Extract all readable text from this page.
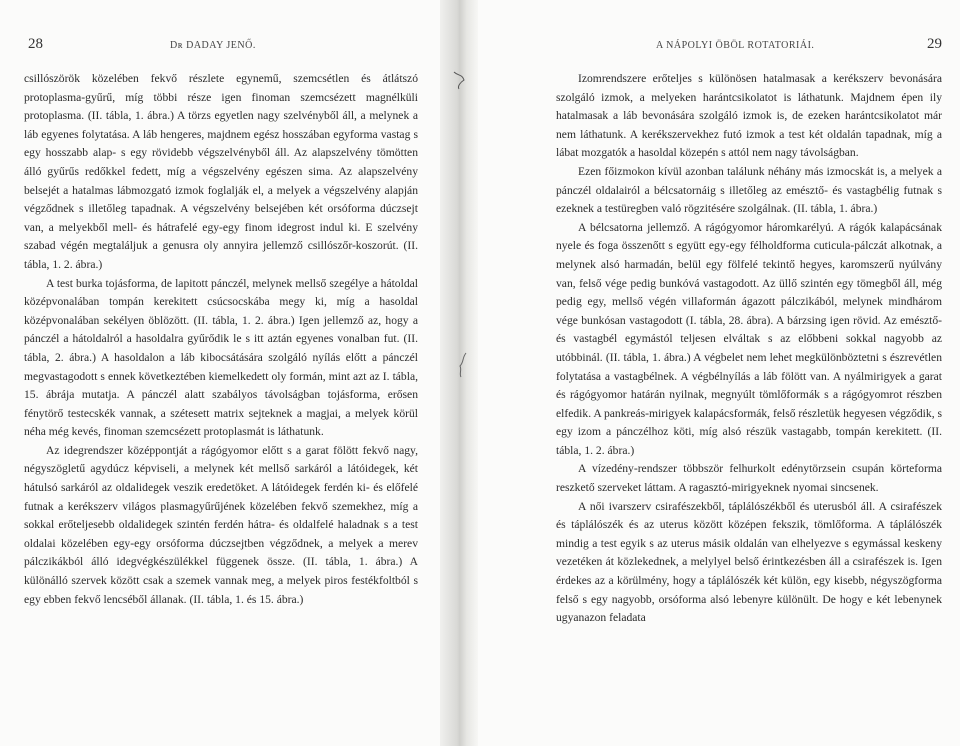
28	Dʀ DADAY JENŐ.

csillószörök közelében fekvő részlete egynemű, szemcsétlen és átlátszó protoplasma-gyűrű, míg többi része igen finoman szemcsézett magnélküli protoplasma. (II. tábla, 1. ábra.) A törzs egyetlen nagy szelvényből áll, a melynek a láb egyenes folytatása. A láb hengeres, majdnem egész hosszában egyforma vastag s egy hosszabb alap- s egy rövidebb végszelvényből áll. Az alapszelvény tömötten álló gyűrűs redőkkel fedett, míg a végszelvény egészen sima. Az alapszelvény belsejét a hatalmas lábmozgató izmok foglalják el, a melyek a végszelvény alapján végződnek s illetőleg tapadnak. A végszelvény belsejében két orsóforma dúczsejt van, a melyekből mell- és hátrafelé egy-egy finom idegrost indul ki. E szelvény szabad végén megtaláljuk a genusra oly annyira jellemző csillószőr-koszorút. (II. tábla, 1. 2. ábra.)

A test burka tojásforma, de lapitott pánczél, melynek mellső szegélye a hátoldal középvonalában tompán kerekitett csúcsocskába megy ki, míg a hasoldal középvonalában sekélyen öblözött. (II. tábla, 1. 2. ábra.) Igen jellemző az, hogy a pánczél a hátoldalról a hasoldalra gyűrődik le s itt aztán egyenes vonalban fut. (II. tábla, 2. ábra.) A hasoldalon a láb kibocsátására szolgáló nyílás előtt a pánczél megvastagodott s ennek következtében kiemelkedett oly formán, mint azt az I. tábla, 15. ábrája mutatja. A pánczél alatt szabályos távolságban tojásforma, erősen fénytörő testecskék vannak, a szétesett matrix sejteknek a magjai, a melyek körül néha még kevés, finoman szemcsézett protoplasmát is láthatunk.

Az idegrendszer középpontját a rágógyomor előtt s a garat fölött fekvő nagy, négyszögletű agydúcz képviseli, a melynek két mellső sarkáról a látóidegek, két hátulsó sarkáról az oldalidegek veszik eredetöket. A látóidegek ferdén ki- és előfelé futnak a kerékszerv világos plasmagyűrűjének közelében fekvő szemekhez, míg a sokkal erőteljesebb oldalidegek szintén ferdén hátra- és oldalfelé haladnak s a test oldalai közelében egy-egy orsóforma dúczsejtben végződnek, a melyek a merev pálczikákból álló idegvégkészülékkel függenek össze. (II. tábla, 1. ábra.) A különálló szervek között csak a szemek vannak meg, a melyek piros festékfoltból s egy ebben fekvő lencséből állanak. (II. tábla, 1. és 15. ábra.)

A NÁPOLYI ÖBÖL ROTATORIÁI.	29

Izomrendszere erőteljes s különösen hatalmasak a kerékszerv bevonására szolgáló izmok, a melyeken harántcsikolatot is láthatunk. Majdnem épen ily hatalmasak a láb bevonására szolgáló izmok is, de ezeken harántcsikolatot már nem láthatunk. A kerékszervekhez futó izmok a test két oldalán tapadnak, míg a lábat mozgatók a hasoldal közepén s attól nem nagy távolságban.

Ezen főizmokon kívül azonban találunk néhány más izmocskát is, a melyek a pánczél oldalairól a bélcsatornáig s illetőleg az emésztő- és vastagbélig futnak s ezeknek a testüregben való rögzitésére szolgálnak. (II. tábla, 1. ábra.)

A bélcsatorna jellemző. A rágógyomor háromkarélyú. A rágók kalapácsának nyele és foga összenőtt s együtt egy-egy félholdforma cuticula-pálczát alkotnak, a melynek alsó harmadán, belül egy fölfelé tekintő hegyes, karomszerű nyúlvány van, felső vége pedig bunkóvá vastagodott. Az üllő szintén egy tömegből áll, még pedig egy, mellső végén villaformán ágazott pálczikából, melynek mindhárom vége bunkósan vastagodott (I. tábla, 28. ábra). A bárzsing igen rövid. Az emésztő- és vastagbél egymástól teljesen elváltak s az előbbeni sokkal nagyobb az utóbbinál. (II. tábla, 1. ábra.) A végbelet nem lehet megkülönböztetni s észrevétlen folytatása a vastagbélnek. A végbélnyílás a láb fölött van. A nyálmirigyek a garat és rágógyomor határán nyilnak, megnyúlt tömlőformák s a rágógyomrot részben elfedik. A pankreás-mirigyek kalapácsformák, felső részletük hegyesen végződik, s egy izom a pánczélhoz köti, míg alsó részük vastagabb, tompán kerekitett. (II. tábla, 1. 2. ábra.)

A vízedény-rendszer többször felhurkolt edénytörzsein csupán körteforma reszkető szerveket láttam. A ragasztó-mirigyeknek nyomai sincsenek.

A női ivarszerv csirafészekből, táplálószékből és uterusból áll. A csirafészek és táplálószék és az uterus között középen fekszik, tömlőforma. A táplálószék mindig a test egyik s az uterus másik oldalán van elhelyezve s egymással keskeny vezetéken át közlekednek, a melylyel belső érintkezésben áll a csirafészek is. Igen érdekes az a körülmény, hogy a táplálószék két külön, egy kisebb, négyszögforma felső s egy nagyobb, orsóforma alsó lebenyre különült. De hogy e két lebenynek ugyanazon feladata
